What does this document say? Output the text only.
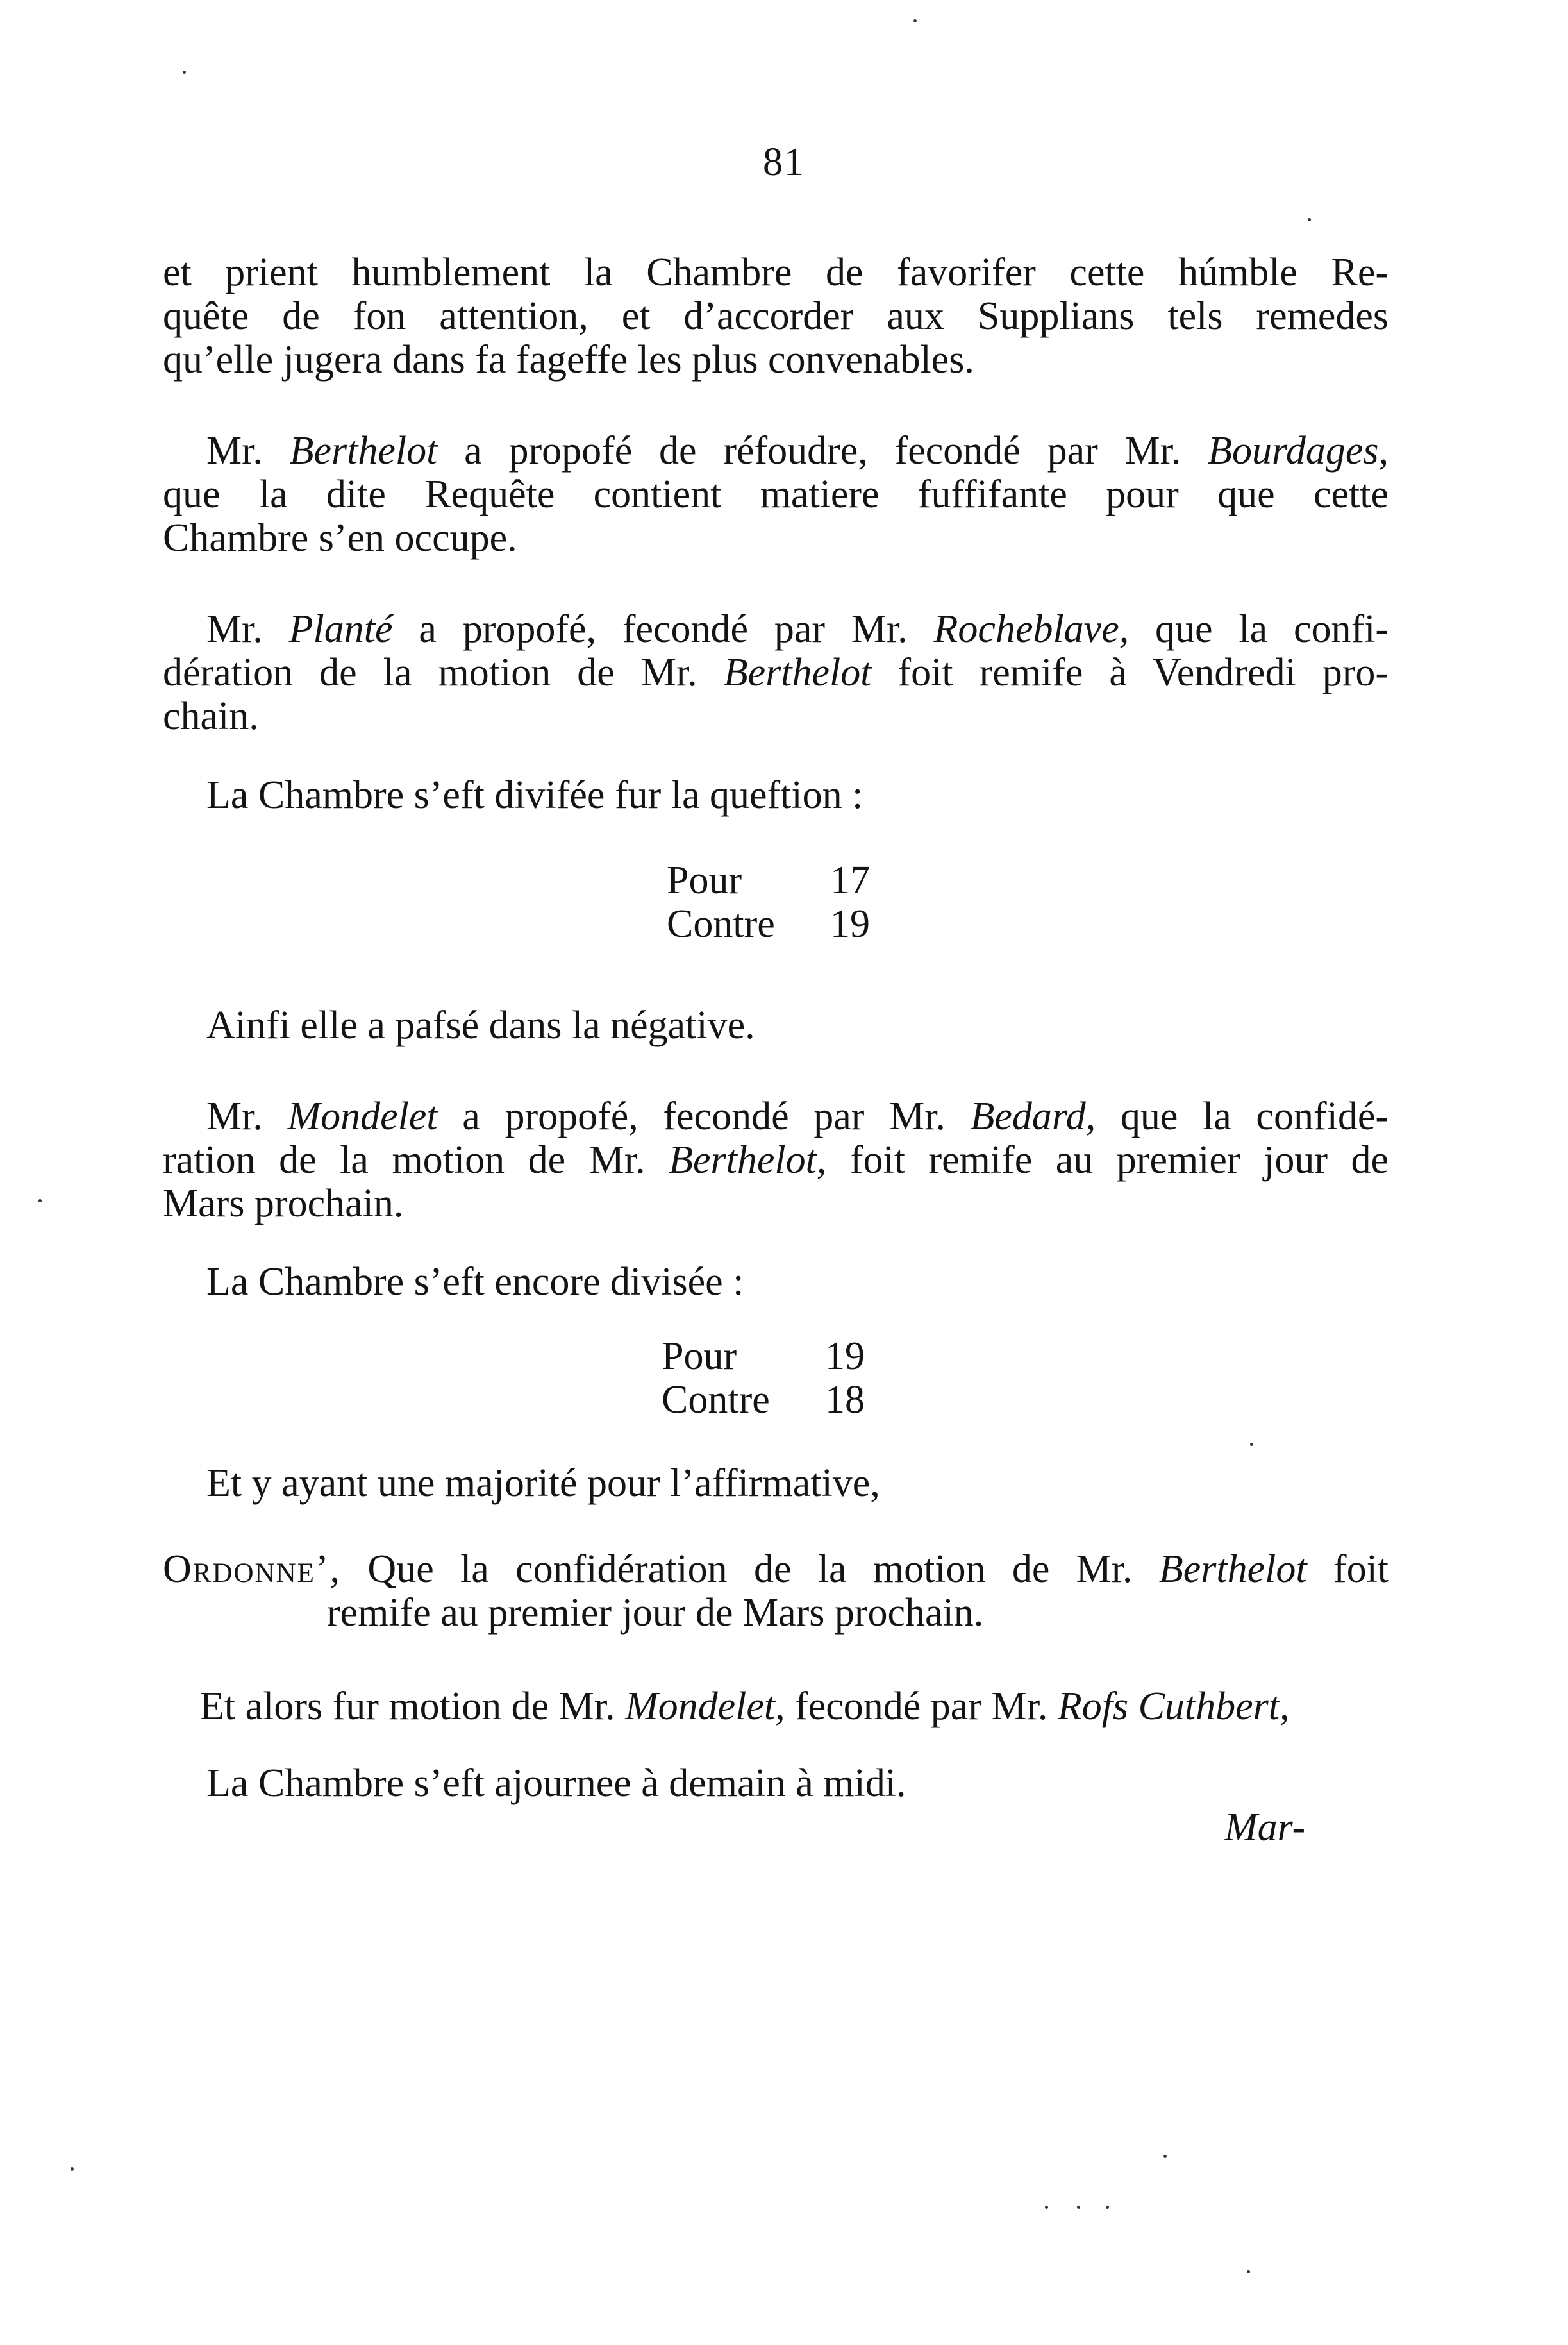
81
et prient humblement la Chambre de favorifer cette húmble Re-
quête de fon attention, et d’accorder aux Supplians tels remedes
qu’elle jugera dans fa fageffe les plus convenables.
Mr. Berthelot a propofé de réfoudre, fecondé par Mr. Bourdages,
que la dite Requête contient matiere fuffifante pour que cette
Chambre s’en occupe.
Mr. Planté a propofé, fecondé par Mr. Rocheblave, que la confi-
dération de la motion de Mr. Berthelot foit remife à Vendredi pro-
chain.
La Chambre s’eft divifée fur la queftion :
Pour 17
Contre 19
Ainfi elle a pafsé dans la négative.
Mr. Mondelet a propofé, fecondé par Mr. Bedard, que la confidé-
ration de la motion de Mr. Berthelot, foit remife au premier jour de
Mars prochain.
La Chambre s’eft encore divisée :
Pour 19
Contre 18
Et y ayant une majorité pour l’affirmative,
Ordonne’, Que la confidération de la motion de Mr. Berthelot foit
remife au premier jour de Mars prochain.
Et alors fur motion de Mr. Mondelet, fecondé par Mr. Rofs Cuthbert,
La Chambre s’eft ajournee à demain à midi.
Mar-
